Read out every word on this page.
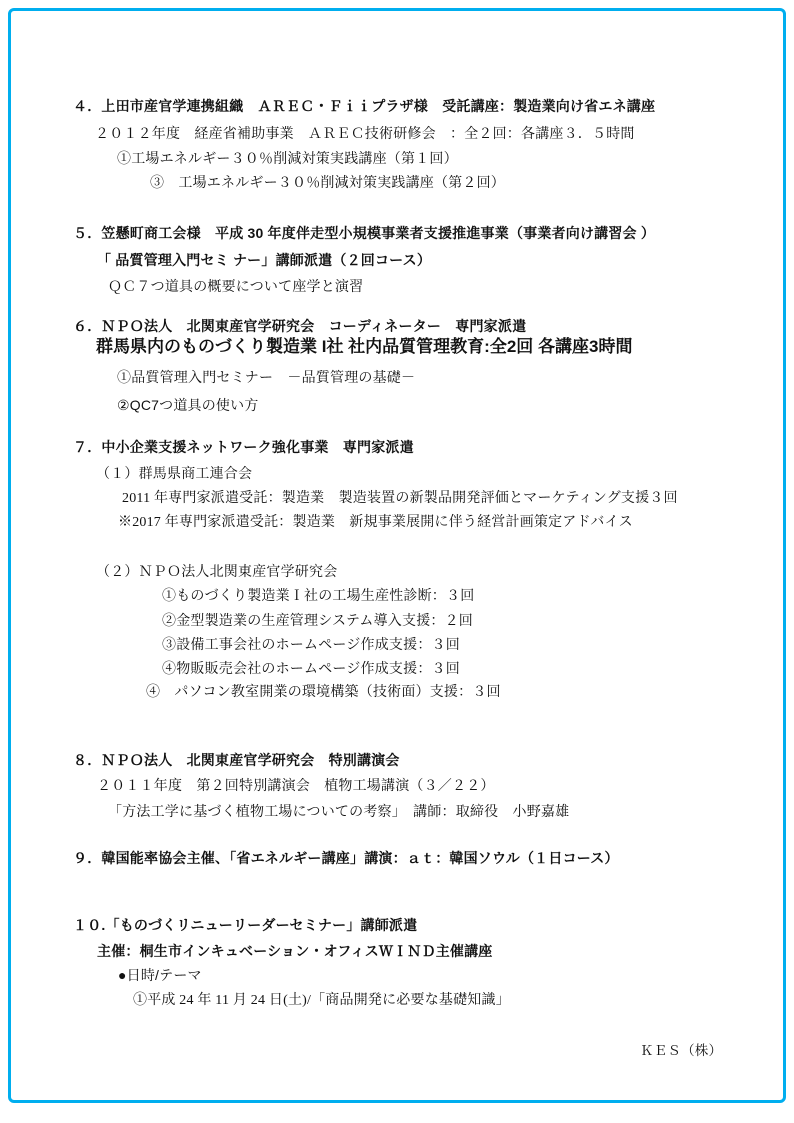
４．上田市産官学連携組織　ＡＲＥＣ・Ｆｉｉプラザ様　受託講座：製造業向け省エネ講座
２０１２年度　経産省補助事業　ＡＲＥＣ技術研修会　：全２回：各講座３．５時間
①工場エネルギー３０％削減対策実践講座（第１回）
③　工場エネルギー３０％削減対策実践講座（第２回）
５．笠懸町商工会様　平成 30 年度伴走型小規模事業者支援推進事業（事業者向け講習会 ）
「 品質管理入門セミ ナー」講師派遣（２回コース）
ＱＣ７つ道具の概要について座学と演習
６．ＮＰＯ法人　北関東産官学研究会　コーディネーター　専門家派遣
群馬県内のものづくり製造業 I社 社内品質管理教育:全2回 各講座3時間
①品質管理入門セミナー　－品質管理の基礎－
②QC7つ道具の使い方
７．中小企業支援ネットワーク強化事業　専門家派遣
（１）群馬県商工連合会
2011 年専門家派遣受託：製造業　製造装置の新製品開発評価とマーケティング支援３回
※2017 年専門家派遣受託：製造業　新規事業展開に伴う経営計画策定アドバイス
（２）ＮＰＯ法人北関東産官学研究会
①ものづくり製造業Ｉ社の工場生産性診断：３回
②金型製造業の生産管理システム導入支援：２回
③設備工事会社のホームページ作成支援：３回
④物販販売会社のホームページ作成支援：３回
④　パソコン教室開業の環境構築（技術面）支援：３回
８．ＮＰＯ法人　北関東産官学研究会　特別講演会
２０１１年度　第２回特別講演会　植物工場講演（３／２２）
「方法工学に基づく植物工場についての考察」　講師：取締役　小野嘉雄
９．韓国能率協会主催、「省エネルギー講座」講演：ａｔ：韓国ソウル（１日コース）
１０.「ものづくリニューリーダーセミナー」講師派遣
主催：桐生市インキュベーション・オフィスＷＩＮＤ主催講座
●日時/テーマ
①平成 24 年 11 月 24 日(土)/「商品開発に必要な基礎知識」
ＫＥＳ（株）
